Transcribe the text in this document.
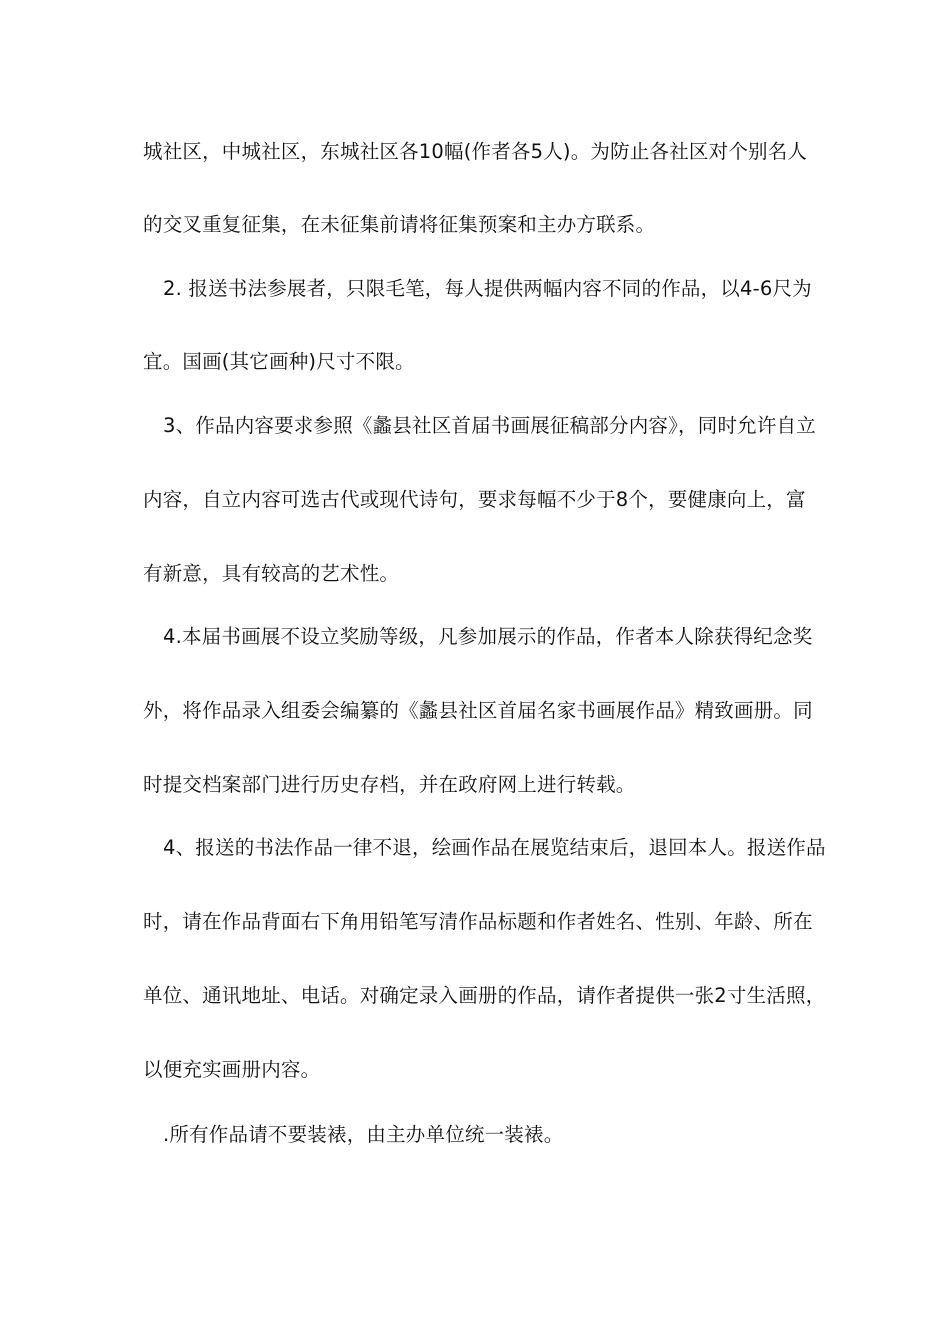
城社区，中城社区，东城社区各10幅(作者各5人)。为防止各社区对个别名人
的交叉重复征集，在未征集前请将征集预案和主办方联系。
2. 报送书法参展者，只限毛笔，每人提供两幅内容不同的作品，以4-6尺为
宜。国画(其它画种)尺寸不限。
3、作品内容要求参照《蠡县社区首届书画展征稿部分内容》，同时允许自立
内容，自立内容可选古代或现代诗句，要求每幅不少于8个，要健康向上，富
有新意，具有较高的艺术性。
4.本届书画展不设立奖励等级，凡参加展示的作品，作者本人除获得纪念奖
外，将作品录入组委会编纂的《蠡县社区首届名家书画展作品》精致画册。同
时提交档案部门进行历史存档，并在政府网上进行转载。
4、报送的书法作品一律不退，绘画作品在展览结束后，退回本人。报送作品
时，请在作品背面右下角用铅笔写清作品标题和作者姓名、性别、年龄、所在
单位、通讯地址、电话。对确定录入画册的作品，请作者提供一张2寸生活照，
以便充实画册内容。
.所有作品请不要装裱，由主办单位统一装裱。
